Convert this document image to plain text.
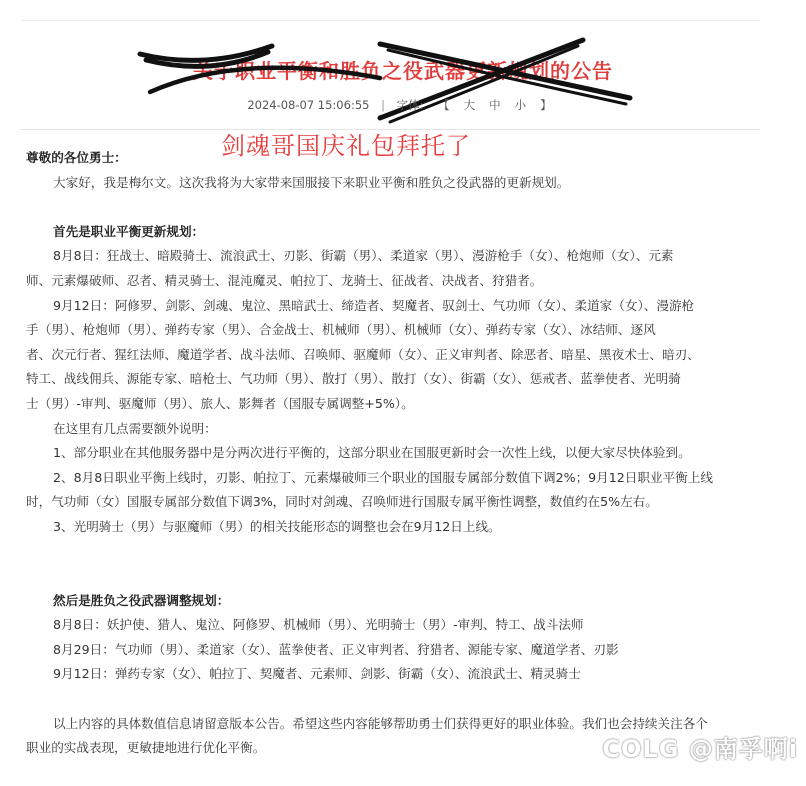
关于职业平衡和胜负之役武器更新规划的公告
2024-08-07 15:06:55 | 字体: 【 大 中 小 】
剑魂哥国庆礼包拜托了

尊敬的各位勇士：

大家好，我是梅尔文。这次我将为大家带来国服接下来职业平衡和胜负之役武器的更新规划。

首先是职业平衡更新规划：

8月8日：狂战士、暗殿骑士、流浪武士、刃影、街霸（男）、柔道家（男）、漫游枪手（女）、枪炮师（女）、元素

师、元素爆破师、忍者、精灵骑士、混沌魔灵、帕拉丁、龙骑士、征战者、决战者、狩猎者。

9月12日：阿修罗、剑影、剑魂、鬼泣、黑暗武士、缔造者、契魔者、驭剑士、气功师（女）、柔道家（女）、漫游枪

手（男）、枪炮师（男）、弹药专家（男）、合金战士、机械师（男）、机械师（女）、弹药专家（女）、冰结师、逐风

者、次元行者、猩红法师、魔道学者、战斗法师、召唤师、驱魔师（女）、正义审判者、除恶者、暗星、黑夜术士、暗刃、

特工、战线佣兵、源能专家、暗枪士、气功师（男）、散打（男）、散打（女）、街霸（女）、惩戒者、蓝拳使者、光明骑

士（男）-审判、驱魔师（男）、旅人、影舞者（国服专属调整+5%）。

在这里有几点需要额外说明：

1、部分职业在其他服务器中是分两次进行平衡的，这部分职业在国服更新时会一次性上线，以便大家尽快体验到。

2、8月8日职业平衡上线时，刃影、帕拉丁、元素爆破师三个职业的国服专属部分数值下调2%；9月12日职业平衡上线

时，气功师（女）国服专属部分数值下调3%，同时对剑魂、召唤师进行国服专属平衡性调整，数值约在5%左右。

3、光明骑士（男）与驱魔师（男）的相关技能形态的调整也会在9月12日上线。

然后是胜负之役武器调整规划：

8月8日：妖护使、猎人、鬼泣、阿修罗、机械师（男）、光明骑士（男）-审判、特工、战斗法师

8月29日：气功师（男）、柔道家（女）、蓝拳使者、正义审判者、狩猎者、源能专家、魔道学者、刃影

9月12日：弹药专家（女）、帕拉丁、契魔者、元素师、剑影、街霸（女）、流浪武士、精灵骑士

以上内容的具体数值信息请留意版本公告。希望这些内容能够帮助勇士们获得更好的职业体验。我们也会持续关注各个

职业的实战表现，更敏捷地进行优化平衡。	COLG @南孚啊i
